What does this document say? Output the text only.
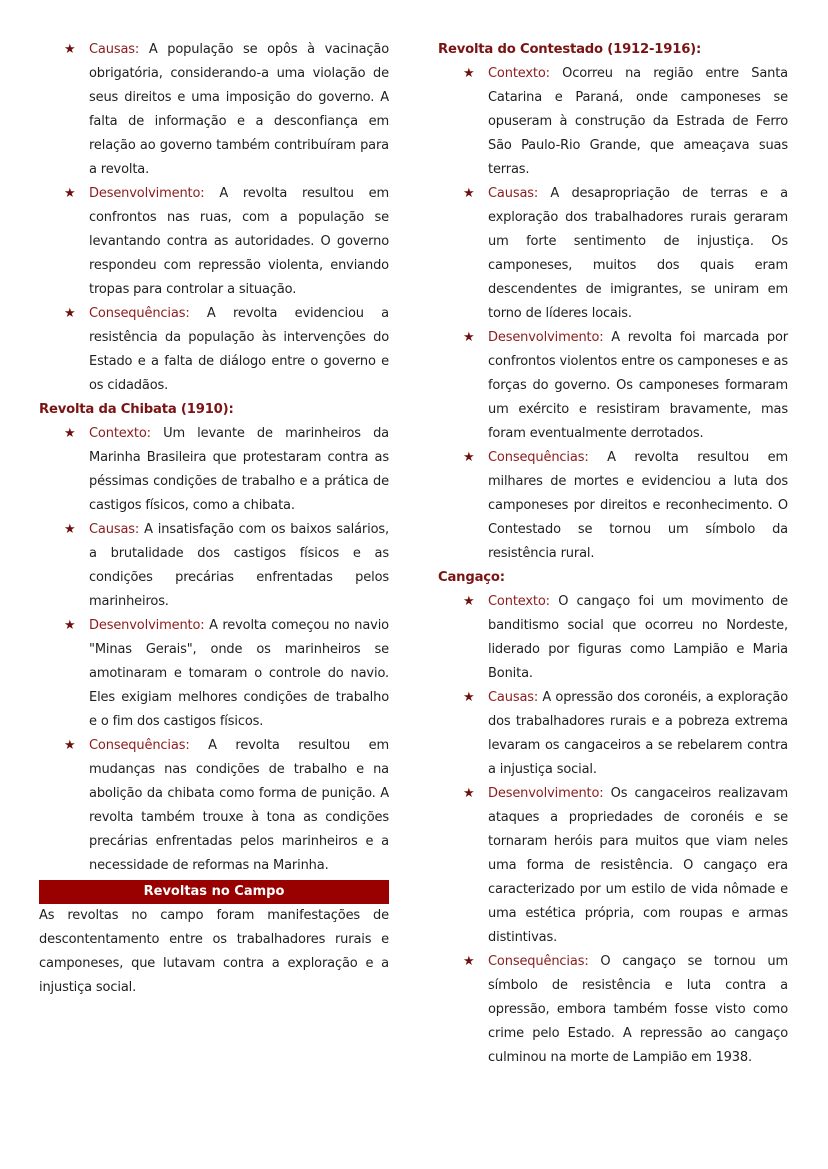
★ Causas: A população se opôs à vacinação obrigatória, considerando-a uma violação de seus direitos e uma imposição do governo. A falta de informação e a desconfiança em relação ao governo também contribuíram para a revolta.
★ Desenvolvimento: A revolta resultou em confrontos nas ruas, com a população se levantando contra as autoridades. O governo respondeu com repressão violenta, enviando tropas para controlar a situação.
★ Consequências: A revolta evidenciou a resistência da população às intervenções do Estado e a falta de diálogo entre o governo e os cidadãos.
Revolta da Chibata (1910):
★ Contexto: Um levante de marinheiros da Marinha Brasileira que protestaram contra as péssimas condições de trabalho e a prática de castigos físicos, como a chibata.
★ Causas: A insatisfação com os baixos salários, a brutalidade dos castigos físicos e as condições precárias enfrentadas pelos marinheiros.
★ Desenvolvimento: A revolta começou no navio "Minas Gerais", onde os marinheiros se amotinaram e tomaram o controle do navio. Eles exigiam melhores condições de trabalho e o fim dos castigos físicos.
★ Consequências: A revolta resultou em mudanças nas condições de trabalho e na abolição da chibata como forma de punição. A revolta também trouxe à tona as condições precárias enfrentadas pelos marinheiros e a necessidade de reformas na Marinha.
Revoltas no Campo
As revoltas no campo foram manifestações de descontentamento entre os trabalhadores rurais e camponeses, que lutavam contra a exploração e a injustiça social.
Revolta do Contestado (1912-1916):
★ Contexto: Ocorreu na região entre Santa Catarina e Paraná, onde camponeses se opuseram à construção da Estrada de Ferro São Paulo-Rio Grande, que ameaçava suas terras.
★ Causas: A desapropriação de terras e a exploração dos trabalhadores rurais geraram um forte sentimento de injustiça. Os camponeses, muitos dos quais eram descendentes de imigrantes, se uniram em torno de líderes locais.
★ Desenvolvimento: A revolta foi marcada por confrontos violentos entre os camponeses e as forças do governo. Os camponeses formaram um exército e resistiram bravamente, mas foram eventualmente derrotados.
★ Consequências: A revolta resultou em milhares de mortes e evidenciou a luta dos camponeses por direitos e reconhecimento. O Contestado se tornou um símbolo da resistência rural.
Cangaço:
★ Contexto: O cangaço foi um movimento de banditismo social que ocorreu no Nordeste, liderado por figuras como Lampião e Maria Bonita.
★ Causas: A opressão dos coronéis, a exploração dos trabalhadores rurais e a pobreza extrema levaram os cangaceiros a se rebelarem contra a injustiça social.
★ Desenvolvimento: Os cangaceiros realizavam ataques a propriedades de coronéis e se tornaram heróis para muitos que viam neles uma forma de resistência. O cangaço era caracterizado por um estilo de vida nômade e uma estética própria, com roupas e armas distintivas.
★ Consequências: O cangaço se tornou um símbolo de resistência e luta contra a opressão, embora também fosse visto como crime pelo Estado. A repressão ao cangaço culminou na morte de Lampião em 1938.
